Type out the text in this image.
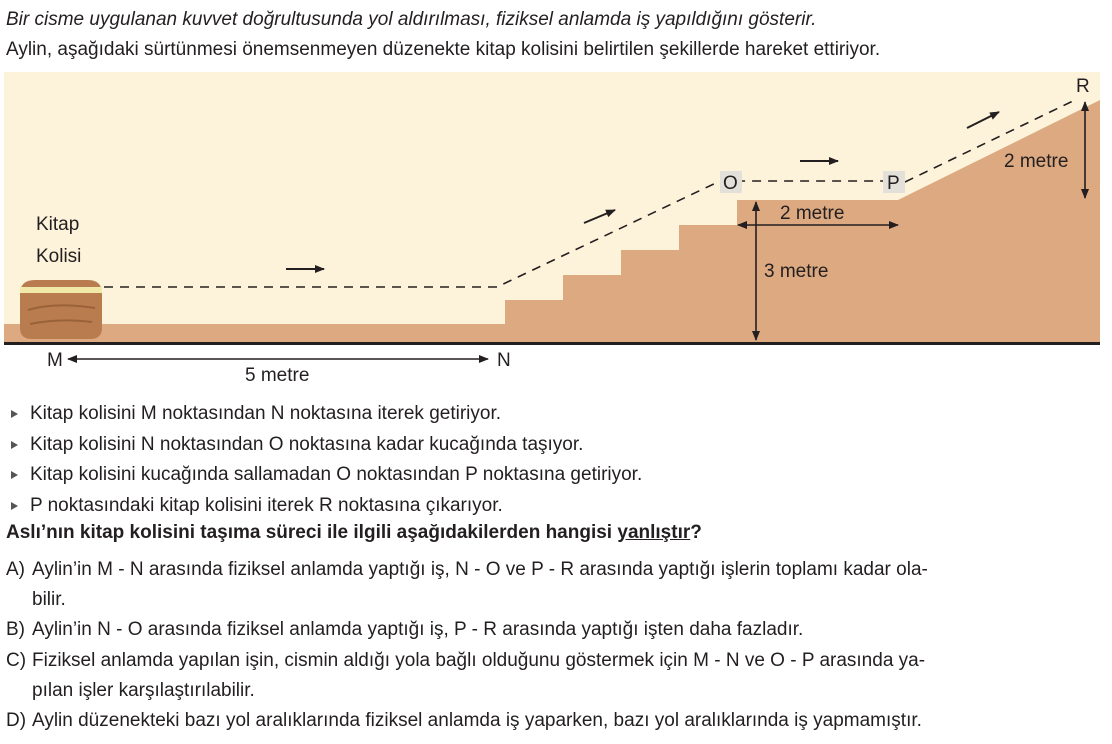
Bir cisme uygulanan kuvvet doğrultusunda yol aldırılması, fiziksel anlamda iş yapıldığını gösterir.
Aylin, aşağıdaki sürtünmesi önemsenmeyen düzenekte kitap kolisini belirtilen şekillerde hareket ettiriyor.
Kitap
Kolisi
M	N
O	P
R
5 metre
2 metre
3 metre
2 metre
Kitap kolisini M noktasından N noktasına iterek getiriyor.
Kitap kolisini N noktasından O noktasına kadar kucağında taşıyor.
Kitap kolisini kucağında sallamadan O noktasından P noktasına getiriyor.
P noktasındaki kitap kolisini iterek R noktasına çıkarıyor.
Aslı’nın kitap kolisini taşıma süreci ile ilgili aşağıdakilerden hangisi yanlıştır?
A) Aylin’in M - N arasında fiziksel anlamda yaptığı iş, N - O ve P - R arasında yaptığı işlerin toplamı kadar ola-
bilir.
B) Aylin’in N - O arasında fiziksel anlamda yaptığı iş, P - R arasında yaptığı işten daha fazladır.
C) Fiziksel anlamda yapılan işin, cismin aldığı yola bağlı olduğunu göstermek için M - N ve O - P arasında ya-
pılan işler karşılaştırılabilir.
D) Aylin düzenekteki bazı yol aralıklarında fiziksel anlamda iş yaparken, bazı yol aralıklarında iş yapmamıştır.
